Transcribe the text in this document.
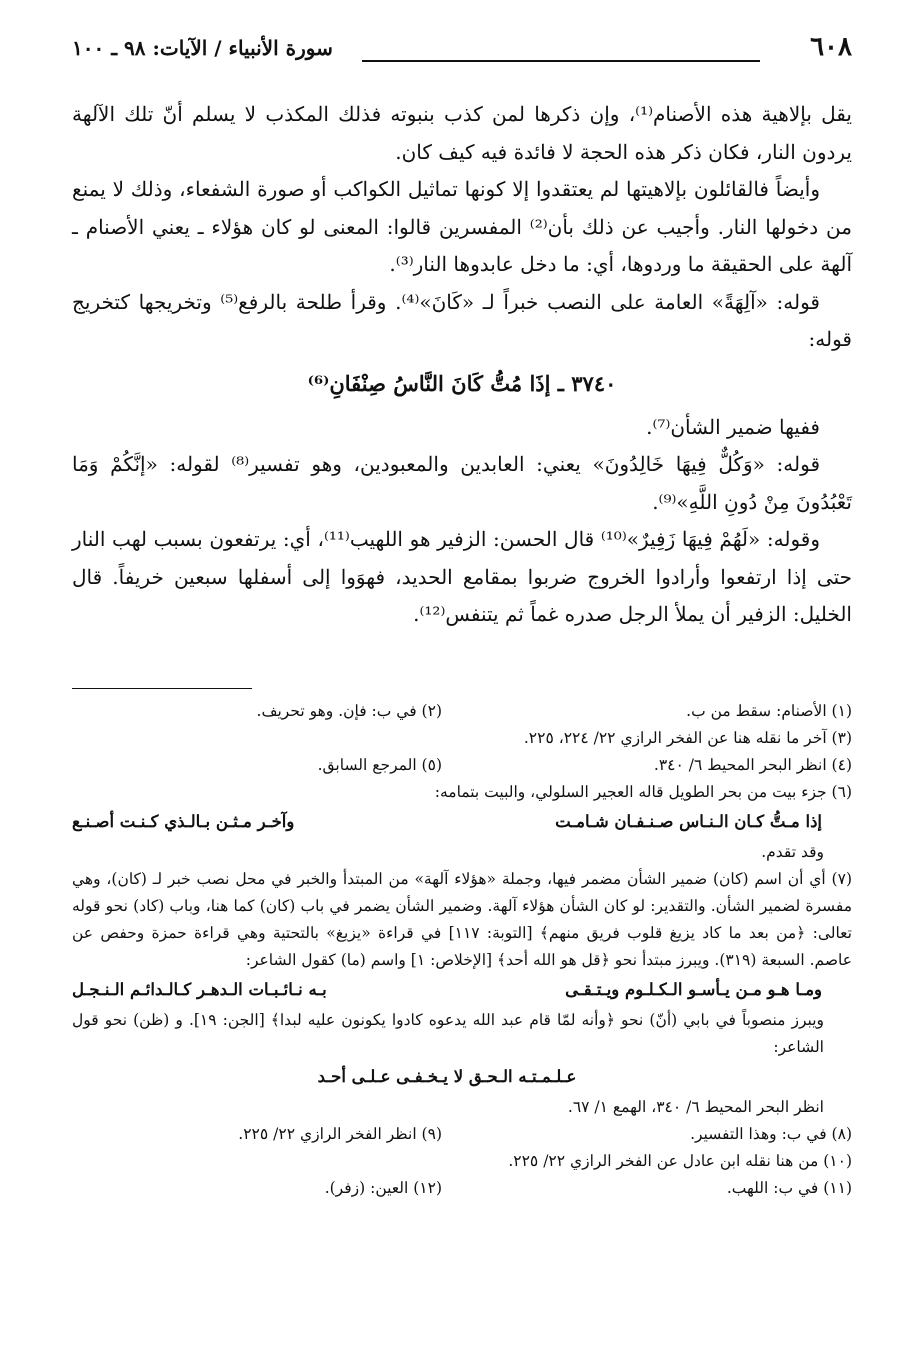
٦٠٨
سورة الأنبياء / الآيات: ٩٨ ـ ١٠٠

يقل بإلاهية هذه الأصنام⁽¹⁾، وإن ذكرها لمن كذب بنبوته فذلك المكذب لا يسلم أنّ تلك الآلهة يردون النار، فكان ذكر هذه الحجة لا فائدة فيه كيف كان.

وأيضاً فالقائلون بإلاهيتها لم يعتقدوا إلا كونها تماثيل الكواكب أو صورة الشفعاء، وذلك لا يمنع من دخولها النار. وأجيب عن ذلك بأن⁽²⁾ المفسرين قالوا: المعنى لو كان هؤلاء ـ يعني الأصنام ـ آلهة على الحقيقة ما وردوها، أي: ما دخل عابدوها النار⁽³⁾.

قوله: «آلِهَةً» العامة على النصب خبراً لـ «كَانَ»⁽⁴⁾. وقرأ طلحة بالرفع⁽⁵⁾ وتخريجها كتخريج قوله:

٣٧٤٠ ـ إذَا مُتُّ كَانَ النَّاسُ صِنْفَانِ⁽⁶⁾

ففيها ضمير الشأن⁽⁷⁾.

قوله: «وَكُلٌّ فِيهَا خَالِدُونَ» يعني: العابدين والمعبودين، وهو تفسير⁽⁸⁾ لقوله: «إنَّكُمْ وَمَا تَعْبُدُونَ مِنْ دُونِ اللَّهِ»⁽⁹⁾.

وقوله: «لَهُمْ فِيهَا زَفِيرٌ»⁽¹⁰⁾ قال الحسن: الزفير هو اللهيب⁽¹¹⁾، أي: يرتفعون بسبب لهب النار حتى إذا ارتفعوا وأرادوا الخروج ضربوا بمقامع الحديد، فهوَوا إلى أسفلها سبعين خريفاً. قال الخليل: الزفير أن يملأ الرجل صدره غماً ثم يتنفس⁽¹²⁾.

(١) الأصنام: سقط من ب.
(٢) في ب: فإن. وهو تحريف.

(٣) آخر ما نقله هنا عن الفخر الرازي ٢٢/ ٢٢٤، ٢٢٥.

(٤) انظر البحر المحيط ٦/ ٣٤٠.
(٥) المرجع السابق.

(٦) جزء بيت من بحر الطويل قاله العجير السلولي، والبيت بتمامه:

إذا مـتُّ كـان الـنـاس صـنـفـان شـامـت
وآخـر مـثـن بـالـذي كـنـت أصـنـع

وقد تقدم.

(٧) أي أن اسم (كان) ضمير الشأن مضمر فيها، وجملة «هؤلاء آلهة» من المبتدأ والخبر في محل نصب خبر لـ (كان)، وهي مفسرة لضمير الشأن. والتقدير: لو كان الشأن هؤلاء آلهة. وضمير الشأن يضمر في باب (كان) كما هنا، وباب (كاد) نحو قوله تعالى: ﴿من بعد ما كاد يزيغ قلوب فريق منهم﴾ [التوبة: ١١٧] في قراءة «يزيغ» بالتحتية وهي قراءة حمزة وحفص عن عاصم. السبعة (٣١٩). ويبرز مبتدأ نحو ﴿قل هو الله أحد﴾ [الإخلاص: ١] واسم (ما) كقول الشاعر:

ومـا هـو مـن يـأسـو الـكـلـوم ويـتـقـى
بـه نـائـبـات الـدهـر كـالـدائـم الـنـجـل

ويبرز منصوباً في بابي (أنّ) نحو ﴿وأنه لمّا قام عبد الله يدعوه كادوا يكونون عليه لبدا﴾ [الجن: ١٩]. و (ظن) نحو قول الشاعر:

عـلـمـتـه الـحـق لا يـخـفـى عـلـى أحـد

انظر البحر المحيط ٦/ ٣٤٠، الهمع ١/ ٦٧.

(٨) في ب: وهذا التفسير.
(٩) انظر الفخر الرازي ٢٢/ ٢٢٥.

(١٠) من هنا نقله ابن عادل عن الفخر الرازي ٢٢/ ٢٢٥.

(١١) في ب: اللهب.
(١٢) العين: (زفر).
